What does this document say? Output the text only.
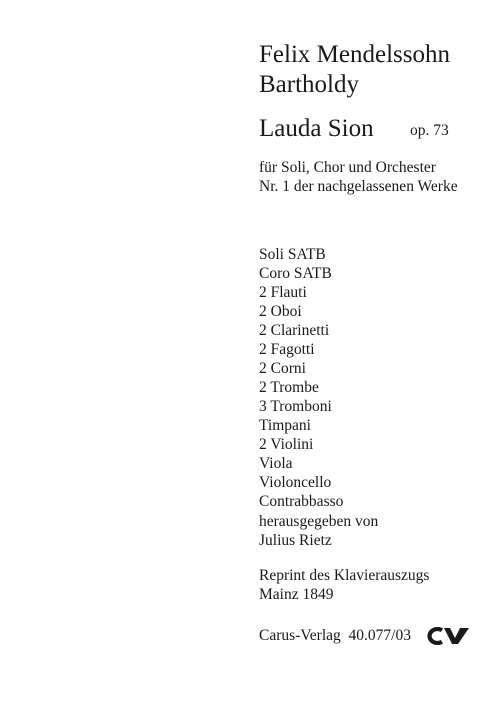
Felix Mendelssohn
Bartholdy
Lauda Sion op. 73
für Soli, Chor und Orchester
Nr. 1 der nachgelassenen Werke
Soli SATB
Coro SATB
2 Flauti
2 Oboi
2 Clarinetti
2 Fagotti
2 Corni
2 Trombe
3 Tromboni
Timpani
2 Violini
Viola
Violoncello
Contrabbasso
herausgegeben von
Julius Rietz
Reprint des Klavierauszugs
Mainz 1849
Carus-Verlag  40.077/03
